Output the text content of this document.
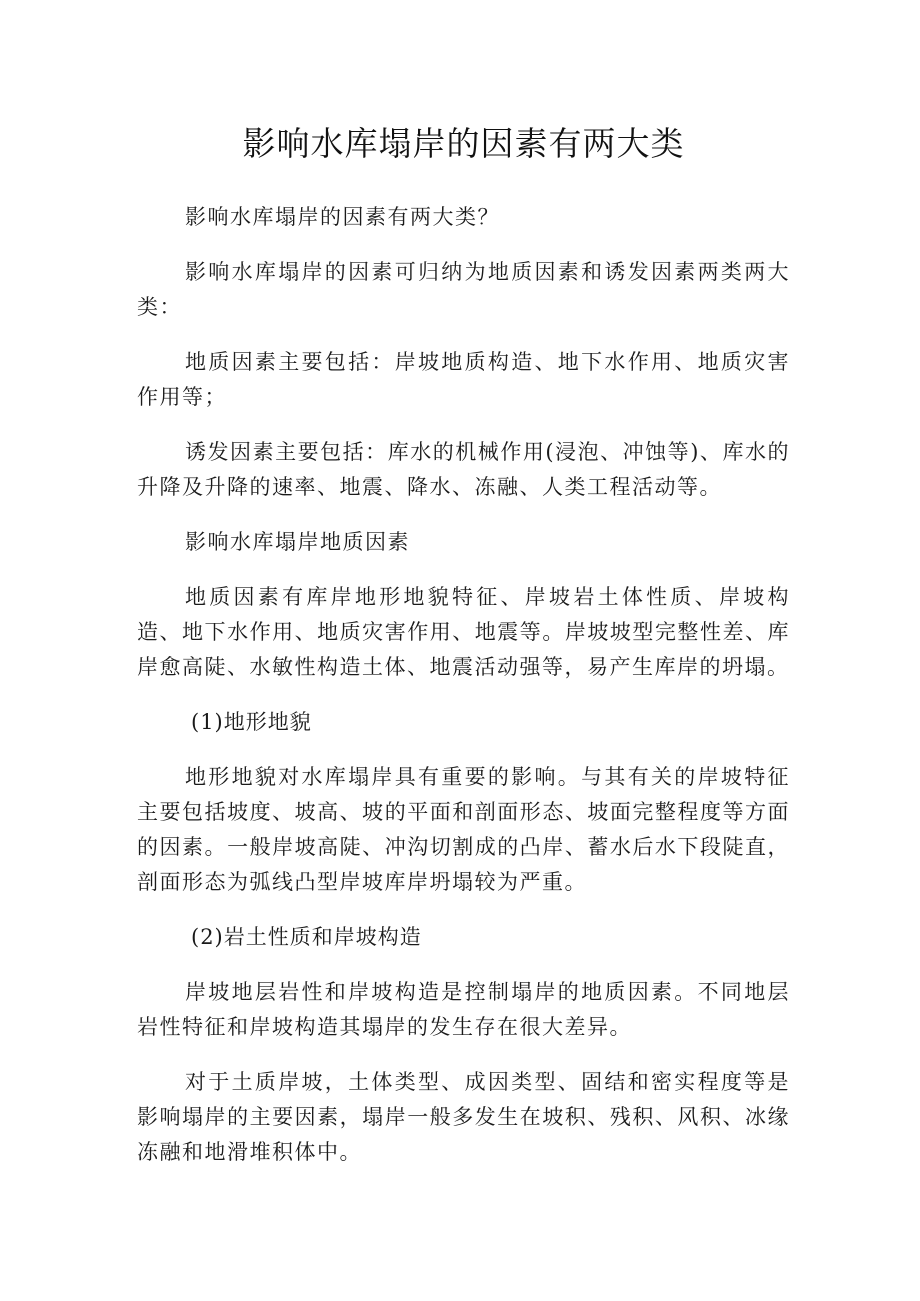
影响水库塌岸的因素有两大类

影响水库塌岸的因素有两大类？

影响水库塌岸的因素可归纳为地质因素和诱发因素两类两大类：

地质因素主要包括：岸坡地质构造、地下水作用、地质灾害作用等；

诱发因素主要包括：库水的机械作用(浸泡、冲蚀等)、库水的升降及升降的速率、地震、降水、冻融、人类工程活动等。

影响水库塌岸地质因素

地质因素有库岸地形地貌特征、岸坡岩土体性质、岸坡构造、地下水作用、地质灾害作用、地震等。岸坡坡型完整性差、库岸愈高陡、水敏性构造土体、地震活动强等，易产生库岸的坍塌。

(1)地形地貌

地形地貌对水库塌岸具有重要的影响。与其有关的岸坡特征主要包括坡度、坡高、坡的平面和剖面形态、坡面完整程度等方面的因素。一般岸坡高陡、冲沟切割成的凸岸、蓄水后水下段陡直，剖面形态为弧线凸型岸坡库岸坍塌较为严重。

(2)岩土性质和岸坡构造

岸坡地层岩性和岸坡构造是控制塌岸的地质因素。不同地层岩性特征和岸坡构造其塌岸的发生存在很大差异。

对于土质岸坡，土体类型、成因类型、固结和密实程度等是影响塌岸的主要因素，塌岸一般多发生在坡积、残积、风积、冰缘冻融和地滑堆积体中。
